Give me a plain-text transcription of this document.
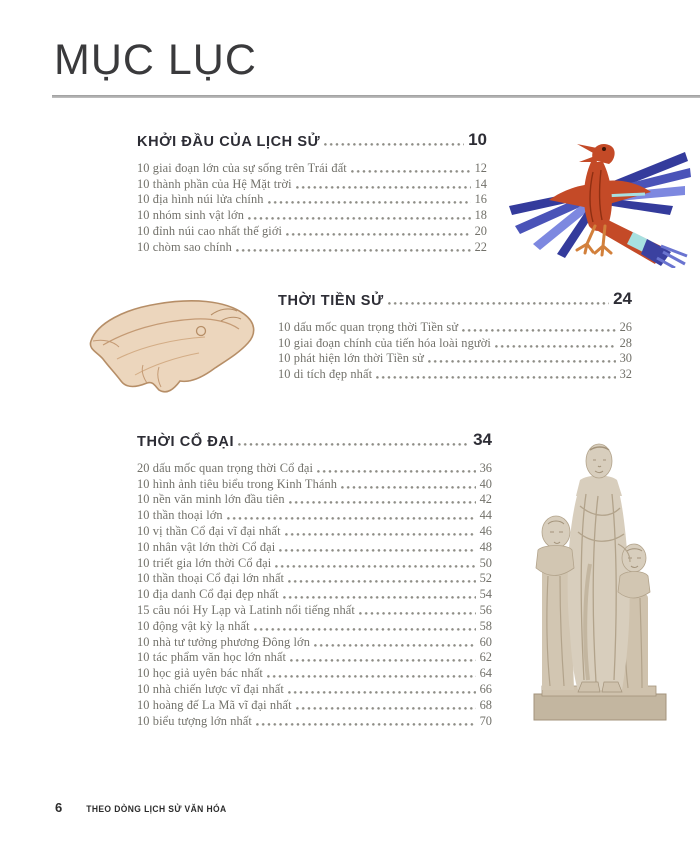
MỤC LỤC
KHỞI ĐẦU CỦA LỊCH SỬ	10
10 giai đoạn lớn của sự sống trên Trái đất	12
10 thành phần của Hệ Mặt trời	14
10 địa hình núi lửa chính	16
10 nhóm sinh vật lớn	18
10 đỉnh núi cao nhất thế giới	20
10 chòm sao chính	22
THỜI TIỀN SỬ	24
10 dấu mốc quan trọng thời Tiền sử	26
10 giai đoạn chính của tiến hóa loài người	28
10 phát hiện lớn thời Tiền sử	30
10 di tích đẹp nhất	32
THỜI CỔ ĐẠI	34
20 dấu mốc quan trọng thời Cổ đại	36
10 hình ảnh tiêu biểu trong Kinh Thánh	40
10 nền văn minh lớn đầu tiên	42
10 thần thoại lớn	44
10 vị thần Cổ đại vĩ đại nhất	46
10 nhân vật lớn thời Cổ đại	48
10 triết gia lớn thời Cổ đại	50
10 thần thoại Cổ đại lớn nhất	52
10 địa danh Cổ đại đẹp nhất	54
15 câu nói Hy Lạp và Latinh nổi tiếng nhất	56
10 động vật kỳ lạ nhất	58
10 nhà tư tưởng phương Đông lớn	60
10 tác phẩm văn học lớn nhất	62
10 học giả uyên bác nhất	64
10 nhà chiến lược vĩ đại nhất	66
10 hoàng đế La Mã vĩ đại nhất	68
10 biểu tượng lớn nhất	70
6	THEO DÒNG LỊCH SỬ VĂN HÓA
